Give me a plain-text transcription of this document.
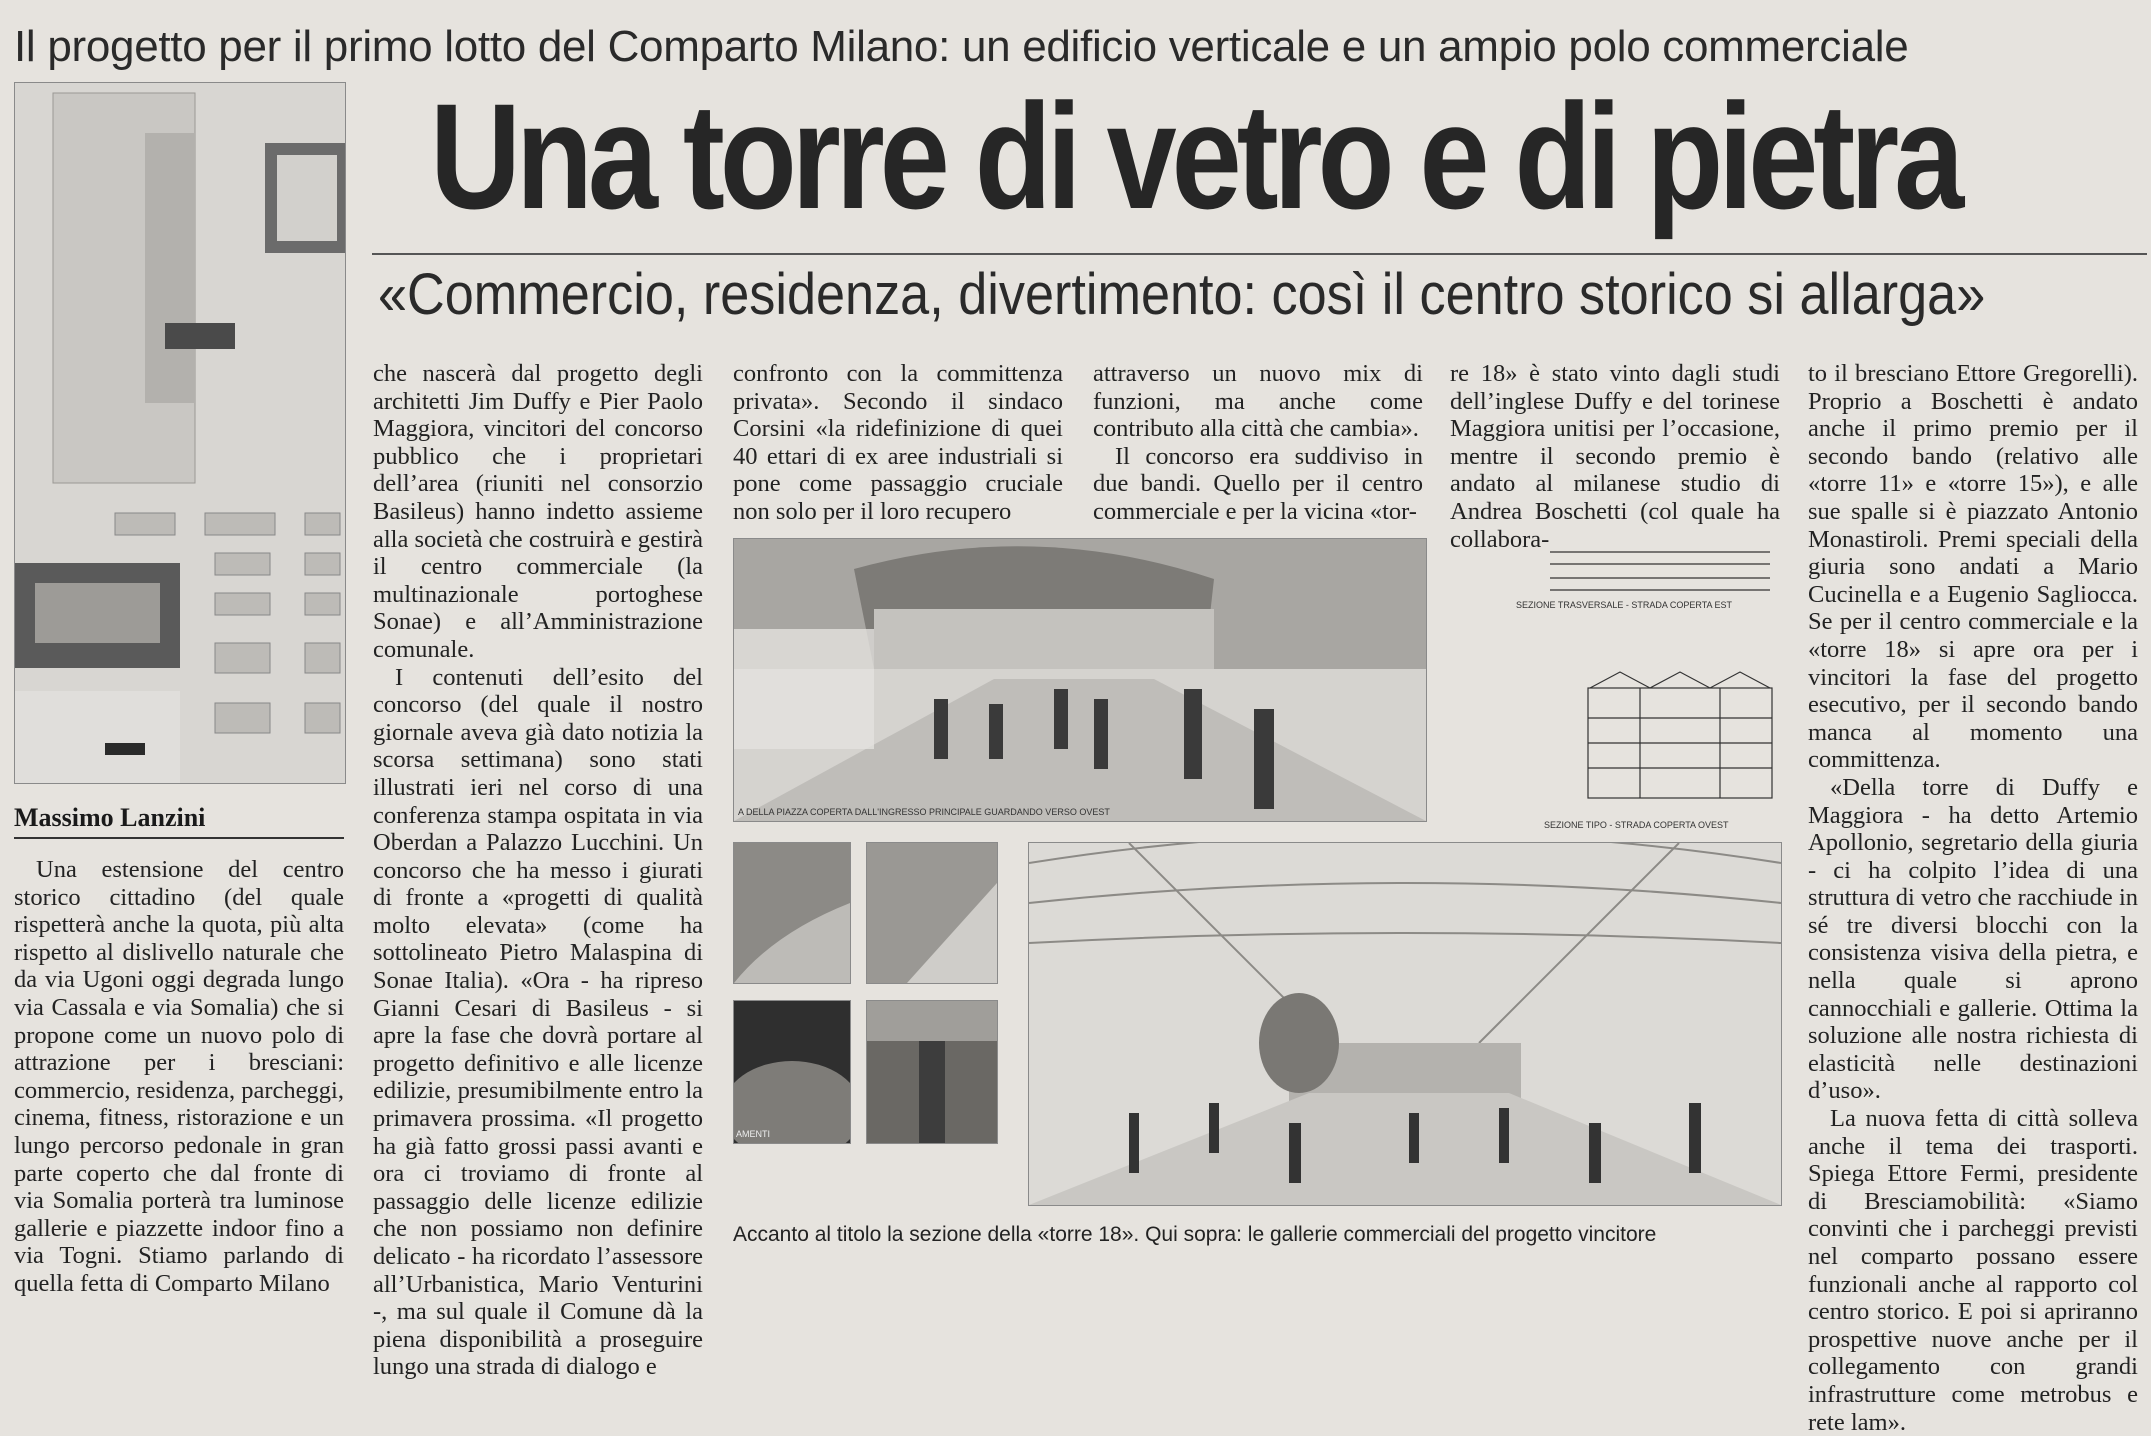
Il progetto per il primo lotto del Comparto Milano: un edificio verticale e un ampio polo commerciale
Una torre di vetro e di pietra
«Commercio, residenza, divertimento: così il centro storico si allarga»
Massimo Lanzini

Una estensione del centro storico cittadino (del quale rispetterà anche la quota, più alta rispetto al dislivello naturale che da via Ugoni oggi degrada lungo via Cassala e via Somalia) che si propone come un nuovo polo di attrazione per i bresciani: commercio, residenza, parcheggi, cinema, fitness, ristorazione e un lungo percorso pedonale in gran parte coperto che dal fronte di via Somalia porterà tra luminose gallerie e piazzette indoor fino a via Togni. Stiamo parlando di quella fetta di Comparto Milano

che nascerà dal progetto degli architetti Jim Duffy e Pier Paolo Maggiora, vincitori del concorso pubblico che i proprietari dell’area (riuniti nel consorzio Basileus) hanno indetto assieme alla società che costruirà e gestirà il centro commerciale (la multinazionale portoghese Sonae) e all’Amministrazione comunale.

I contenuti dell’esito del concorso (del quale il nostro giornale aveva già dato notizia la scorsa settimana) sono stati illustrati ieri nel corso di una conferenza stampa ospitata in via Oberdan a Palazzo Lucchini. Un concorso che ha messo i giurati di fronte a «progetti di qualità molto elevata» (come ha sottolineato Pietro Malaspina di Sonae Italia). «Ora - ha ripreso Gianni Cesari di Basileus - si apre la fase che dovrà portare al progetto definitivo e alle licenze edilizie, presumibilmente entro la primavera prossima. «Il progetto ha già fatto grossi passi avanti e ora ci troviamo di fronte al passaggio delle licenze edilizie che non possiamo non definire delicato - ha ricordato l’assessore all’Urbanistica, Mario Venturini -, ma sul quale il Comune dà la piena disponibilità a proseguire lungo una strada di dialogo e

confronto con la committenza privata». Secondo il sindaco Corsini «la ridefinizione di quei 40 ettari di ex aree industriali si pone come passaggio cruciale non solo per il loro recupero

attraverso un nuovo mix di funzioni, ma anche come contributo alla città che cambia».

Il concorso era suddiviso in due bandi. Quello per il centro commerciale e per la vicina «tor-

re 18» è stato vinto dagli studi dell’inglese Duffy e del torinese Maggiora unitisi per l’occasione, mentre il secondo premio è andato al milanese studio di Andrea Boschetti (col quale ha collabora-

to il bresciano Ettore Gregorelli). Proprio a Boschetti è andato anche il primo premio per il secondo bando (relativo alle «torre 11» e «torre 15»), e alle sue spalle si è piazzato Antonio Monastiroli. Premi speciali della giuria sono andati a Mario Cucinella e a Eugenio Sagliocca. Se per il centro commerciale e la «torre 18» si apre ora per i vincitori la fase del progetto esecutivo, per il secondo bando manca al momento una committenza.

«Della torre di Duffy e Maggiora - ha detto Artemio Apollonio, segretario della giuria - ci ha colpito l’idea di una struttura di vetro che racchiude in sé tre diversi blocchi con la consistenza visiva della pietra, e nella quale si aprono cannocchiali e gallerie. Ottima la soluzione alle nostra richiesta di elasticità nelle destinazioni d’uso».

La nuova fetta di città solleva anche il tema dei trasporti. Spiega Ettore Fermi, presidente di Bresciamobilità: «Siamo convinti che i parcheggi previsti nel comparto possano essere funzionali anche al rapporto col centro storico. E poi si apriranno prospettive nuove anche per il collegamento con grandi infrastrutture come metrobus e rete lam».

A DELLA PIAZZA COPERTA DALL'INGRESSO PRINCIPALE GUARDANDO VERSO OVEST
SEZIONE TRASVERSALE - STRADA COPERTA EST
SEZIONE TIPO - STRADA COPERTA OVEST
AMENTI
Accanto al titolo la sezione della «torre 18». Qui sopra: le gallerie commerciali del progetto vincitore
